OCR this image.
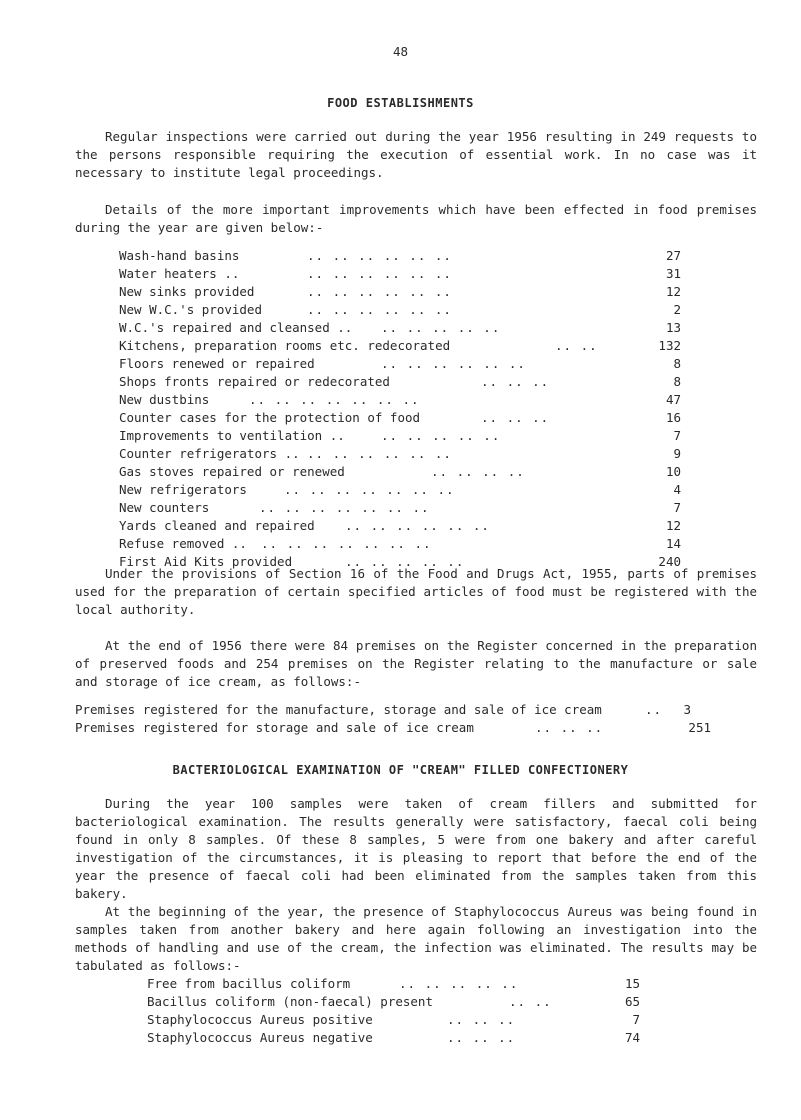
48
FOOD ESTABLISHMENTS

Regular inspections were carried out during the year 1956 resulting in 249 requests to the persons responsible requiring the execution of essential work. In no case was it necessary to institute legal proceedings.

Details of the more important improvements which have been effected in food premises during the year are given below:-

Wash-hand basins	.. .. .. .. .. ..	27
Water heaters ..	.. .. .. .. .. ..	31
New sinks provided	.. .. .. .. .. ..	12
New W.C.'s provided	.. .. .. .. .. ..	2
W.C.'s repaired and cleansed .. .. .. .. .. ..	13
Kitchens, preparation rooms etc. redecorated	.. ..	132
Floors renewed or repaired	.. .. .. .. .. ..	8
Shops fronts repaired or redecorated	.. .. ..	8
New dustbins	.. .. .. .. .. .. ..	47
Counter cases for the protection of food	.. .. ..	16
Improvements to ventilation ..	.. .. .. .. ..	7
Counter refrigerators .. .. .. .. .. .. ..	9
Gas stoves repaired or renewed	.. .. .. ..	10
New refrigerators	.. .. .. .. .. .. ..	4
New counters	.. .. .. .. .. .. ..	7
Yards cleaned and repaired .. .. .. .. .. ..	12
Refuse removed .. .. .. .. .. .. .. ..	14
First Aid Kits provided	.. .. .. .. ..	240

Under the provisions of Section 16 of the Food and Drugs Act, 1955, parts of premises used for the preparation of certain specified articles of food must be registered with the local authority.

At the end of 1956 there were 84 premises on the Register concerned in the preparation of preserved foods and 254 premises on the Register relating to the manufacture or sale and storage of ice cream, as follows:-

Premises registered for the manufacture, storage and sale of ice cream	.. 3
Premises registered for storage and sale of ice cream	.. .. ..	251
BACTERIOLOGICAL EXAMINATION OF "CREAM" FILLED CONFECTIONERY

During the year 100 samples were taken of cream fillers and submitted for bacteriological examination. The results generally were satisfactory, faecal coli being found in only 8 samples. Of these 8 samples, 5 were from one bakery and after careful investigation of the circumstances, it is pleasing to report that before the end of the year the presence of faecal coli had been eliminated from the samples taken from this bakery.

At the beginning of the year, the presence of Staphylococcus Aureus was being found in samples taken from another bakery and here again following an investigation into the methods of handling and use of the cream, the infection was eliminated. The results may be tabulated as follows:-

Free from bacillus coliform	.. .. .. .. ..	15
Bacillus coliform (non-faecal) present	.. ..	65
Staphylococcus Aureus positive	.. .. ..	7
Staphylococcus Aureus negative	.. .. ..	74
